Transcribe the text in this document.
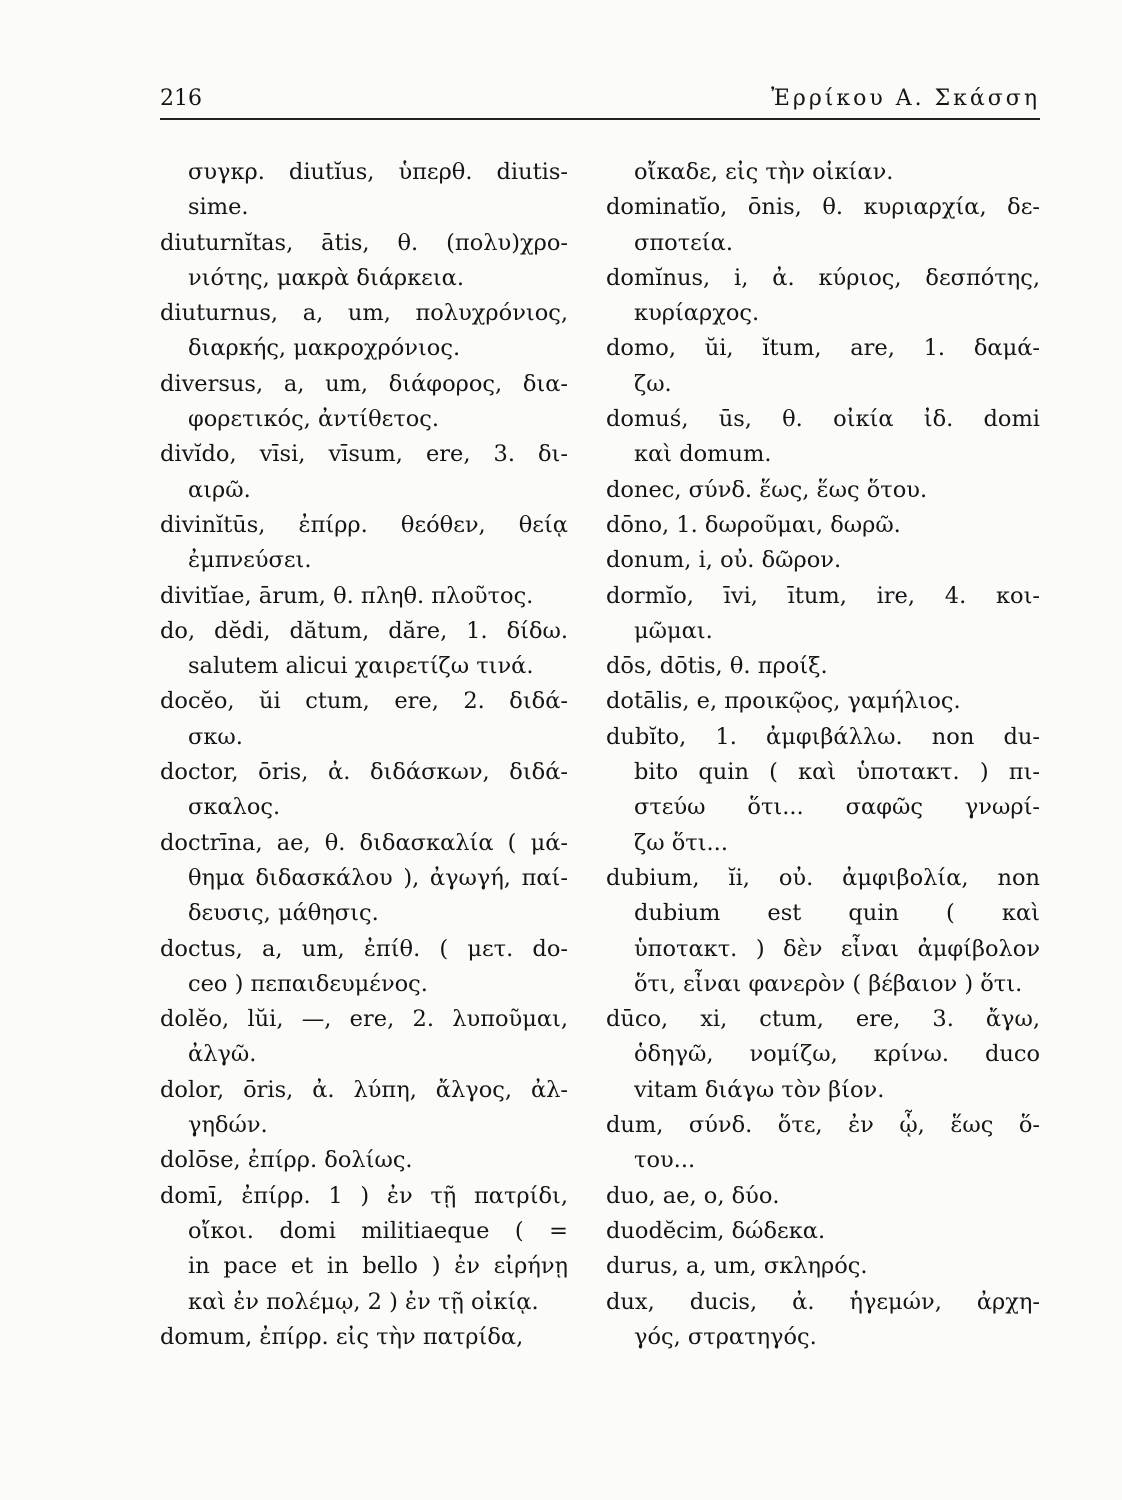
216	Ἐρρίκου Α. Σκάσση
συγκρ. diutĭus, ὑπερθ. diutis-
sime.
diuturnĭtas, ātis, θ. (πολυ)χρο-
νιότης, μακρὰ διάρκεια.
diuturnus, a, um, πολυχρόνιος,
διαρκής, μακροχρόνιος.
diversus, a, um, διάφορος, δια-
φορετικός, ἀντίθετος.
divĭdo, vīsi, vīsum, ere, 3. δι-
αιρῶ.
divinĭtūs, ἐπίρρ. θεόθεν, θείᾳ
ἐμπνεύσει.
divitĭae, ārum, θ. πληθ. πλοῦτος.
do, dĕdi, dătum, dăre, 1. δίδω.
salutem alicui χαιρετίζω τινά.
docĕo, ŭi ctum, ere, 2. διδά-
σκω.
doctor, ōris, ἀ. διδάσκων, διδά-
σκαλος.
doctrīna, ae, θ. διδασκαλία ( μά-
θημα διδασκάλου ), ἀγωγή, παί-
δευσις, μάθησις.
doctus, a, um, ἐπίθ. ( μετ. do-
ceo ) πεπαιδευμένος.
dolĕo, lŭi, —, ere, 2. λυποῦμαι,
ἀλγῶ.
dolor, ōris, ἀ. λύπη, ἄλγος, ἀλ-
γηδών.
dolōse, ἐπίρρ. δολίως.
domī, ἐπίρρ. 1 ) ἐν τῇ πατρίδι,
οἴκοι. domi militiaeque ( =
in pace et in bello ) ἐν εἰρήνῃ
καὶ ἐν πολέμῳ, 2 ) ἐν τῇ οἰκίᾳ.
domum, ἐπίρρ. εἰς τὴν πατρίδα,
οἴκαδε, εἰς τὴν οἰκίαν.
dominatĭo, ōnis, θ. κυριαρχία, δε-
σποτεία.
domĭnus, i, ἀ. κύριος, δεσπότης,
κυρίαρχος.
domo, ŭi, ĭtum, are, 1. δαμά-
ζω.
domuś, ūs, θ. οἰκία ἰδ. domi
καὶ domum.
donec, σύνδ. ἕως, ἕως ὅτου.
dōno, 1. δωροῦμαι, δωρῶ.
donum, i, οὐ. δῶρον.
dormĭo, īvi, ītum, ire, 4. κοι-
μῶμαι.
dōs, dōtis, θ. προίξ.
dotālis, e, προικῷος, γαμήλιος.
dubĭto, 1. ἀμφιβάλλω. non du-
bito quin ( καὶ ὑποτακτ. ) πι-
στεύω ὅτι... σαφῶς γνωρί-
ζω ὅτι...
dubium, ĭi, οὐ. ἀμφιβολία, non
dubium est quin ( καὶ
ὑποτακτ. ) δὲν εἶναι ἀμφίβολον
ὅτι, εἶναι φανερὸν ( βέβαιον ) ὅτι.
dūco, xi, ctum, ere, 3. ἄγω,
ὁδηγῶ, νομίζω, κρίνω. duco
vitam διάγω τὸν βίον.
dum, σύνδ. ὅτε, ἐν ᾧ, ἕως ὅ-
του...
duo, ae, o, δύο.
duodĕcim, δώδεκα.
durus, a, um, σκληρός.
dux, ducis, ἀ. ἡγεμών, ἀρχη-
γός, στρατηγός.
